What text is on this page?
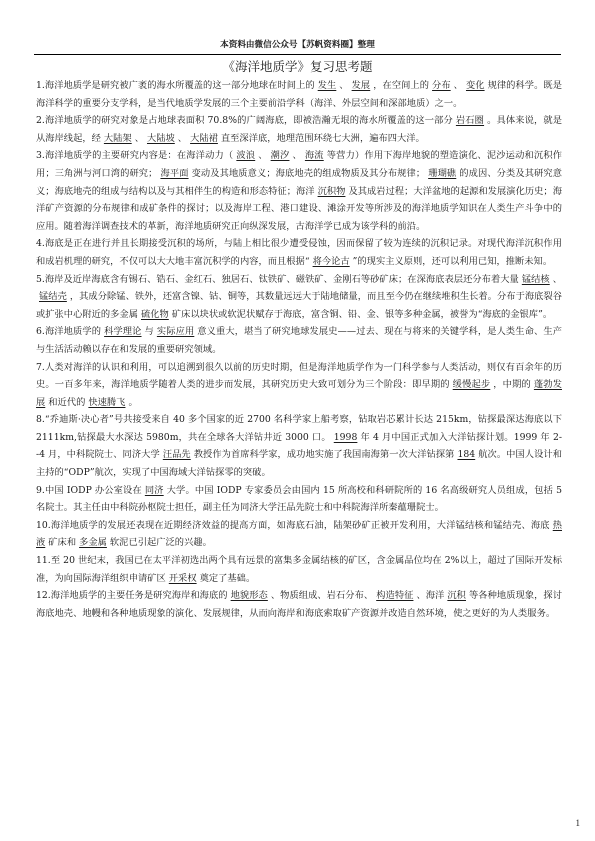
本资料由微信公众号【苏帆资料圈】整理
《海洋地质学》复习思考题

1.海洋地质学是研究被广袤的海水所覆盖的这一部分地球在时间上的 发生 、 发展 ，在空间上的 分布 、 变化 规律的科学。既是海洋科学的重要分支学科，是当代地质学发展的三个主要前沿学科（海洋、外层空间和深部地质）之一。

2.海洋地质学的研究对象是占地球表面积 70.8%的广阔海底，即被浩瀚无垠的海水所覆盖的这一部分 岩石圈 。具体来说，就是从海岸线起，经 大陆架 、 大陆坡 、 大陆裙 直至深洋底，地理范围环绕七大洲，遍布四大洋。

3.海洋地质学的主要研究内容是：在海洋动力（ 波浪 、 潮汐 、 海流 等营力）作用下海岸地貌的塑造演化、泥沙运动和沉积作用；三角洲与河口湾的研究； 海平面 变动及其地质意义；海底地壳的组成物质及其分布规律； 珊瑚礁 的成因、分类及其研究意义；海底地壳的组成与结构以及与其相伴生的构造和形态特征；海洋 沉积物 及其成岩过程；大洋盆地的起源和发展演化历史；海洋矿产资源的分布规律和成矿条件的探讨；以及海岸工程、港口建设、滩涂开发等所涉及的海洋地质学知识在人类生产斗争中的应用。随着海洋调查技术的革新，海洋地质研究正向纵深发展，古海洋学已成为该学科的前沿。

4.海底是正在进行并且长期接受沉积的场所，与陆上相比很少遭受侵蚀，因而保留了较为连续的沉积记录。对现代海洋沉积作用和成岩机理的研究，不仅可以大大地丰富沉积学的内容，而且根据“ 将今论古 ”的现实主义原则，还可以利用已知，推断未知。

5.海岸及近岸海底含有锡石、锆石、金红石、独居石、钛铁矿、磁铁矿、金刚石等砂矿床；在深海底表层还分布着大量 锰结核 、锰结壳 ，其成分除锰、铁外，还富含镍、钴、铜等，其数量远远大于陆地储量，而且至今仍在继续堆积生长着。分布于海底裂谷或扩张中心附近的多金属 硫化物 矿床以块状或软泥状赋存于海底，富含铜、铅、金、银等多种金属，被誉为“海底的金银库”。

6.海洋地质学的 科学理论 与 实际应用 意义重大，堪当了研究地球发展史——过去、现在与将来的关键学科，是人类生命、生产与生活活动赖以存在和发展的重要研究领域。

7.人类对海洋的认识和利用，可以追溯到很久以前的历史时期，但是海洋地质学作为一门科学参与人类活动，则仅有百余年的历史。一百多年来，海洋地质学随着人类的进步而发展，其研究历史大致可划分为三个阶段：即早期的 缓慢起步 ，中期的 蓬勃发展 和近代的 快速腾飞 。

8.“乔迪斯·决心者”号共接受来自 40 多个国家的近 2700 名科学家上船考察，钻取岩芯累计长达 215km，钻探最深达海底以下 2111km,钻探最大水深达 5980m，共在全球各大洋钻井近 3000 口。 1998 年 4 月中国正式加入大洋钻探计划。1999 年 2--4 月，中科院院士、同济大学 汪品先 教授作为首席科学家，成功地实施了我国南海第一次大洋钻探第 184 航次。中国人设计和主持的“ODP”航次，实现了中国海域大洋钻探零的突破。

9.中国 IODP 办公室设在 同济 大学。中国 IODP 专家委员会由国内 15 所高校和科研院所的 16 名高级研究人员组成，包括 5 名院士。其主任由中科院孙枢院士担任，副主任为同济大学汪品先院士和中科院海洋所秦蕴珊院士。

10.海洋地质学的发展还表现在近期经济效益的提高方面，如海底石油，陆架砂矿正被开发利用，大洋锰结核和锰结壳、海底 热液 矿床和 多金属 软泥已引起广泛的兴趣。

11.至 20 世纪末，我国已在太平洋初选出两个具有远景的富集多金属结核的矿区，含金属品位均在 2%以上，超过了国际开发标准，为向国际海洋组织申请矿区 开采权 奠定了基础。

12.海洋地质学的主要任务是研究海岸和海底的 地貌形态 、物质组成、岩石分布、 构造特征 、海洋 沉积 等各种地质现象，探讨海底地壳、地幔和各种地质现象的演化、发展规律，从而向海岸和海底索取矿产资源并改造自然环境，使之更好的为人类服务。

1
